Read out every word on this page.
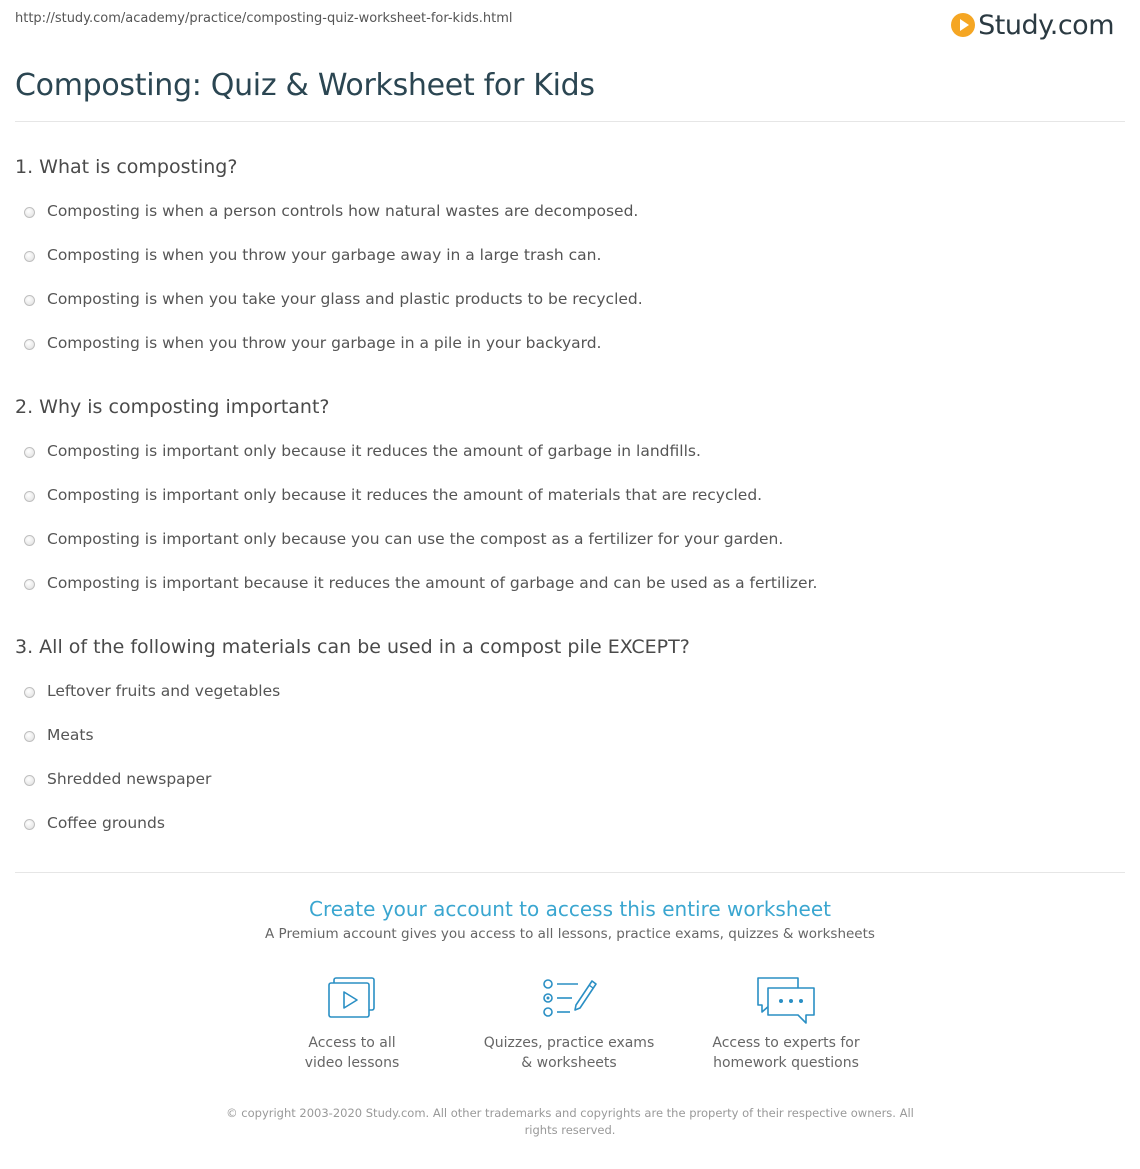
http://study.com/academy/practice/composting-quiz-worksheet-for-kids.html	Study.com
Composting: Quiz & Worksheet for Kids
1. What is composting?
Composting is when a person controls how natural wastes are decomposed.
Composting is when you throw your garbage away in a large trash can.
Composting is when you take your glass and plastic products to be recycled.
Composting is when you throw your garbage in a pile in your backyard.
2. Why is composting important?
Composting is important only because it reduces the amount of garbage in landfills.
Composting is important only because it reduces the amount of materials that are recycled.
Composting is important only because you can use the compost as a fertilizer for your garden.
Composting is important because it reduces the amount of garbage and can be used as a fertilizer.
3. All of the following materials can be used in a compost pile EXCEPT?
Leftover fruits and vegetables
Meats
Shredded newspaper
Coffee grounds
Create your account to access this entire worksheet
A Premium account gives you access to all lessons, practice exams, quizzes & worksheets
Access to all
video lessons
Quizzes, practice exams
& worksheets
Access to experts for
homework questions
© copyright 2003-2020 Study.com. All other trademarks and copyrights are the property of their respective owners. All rights reserved.
